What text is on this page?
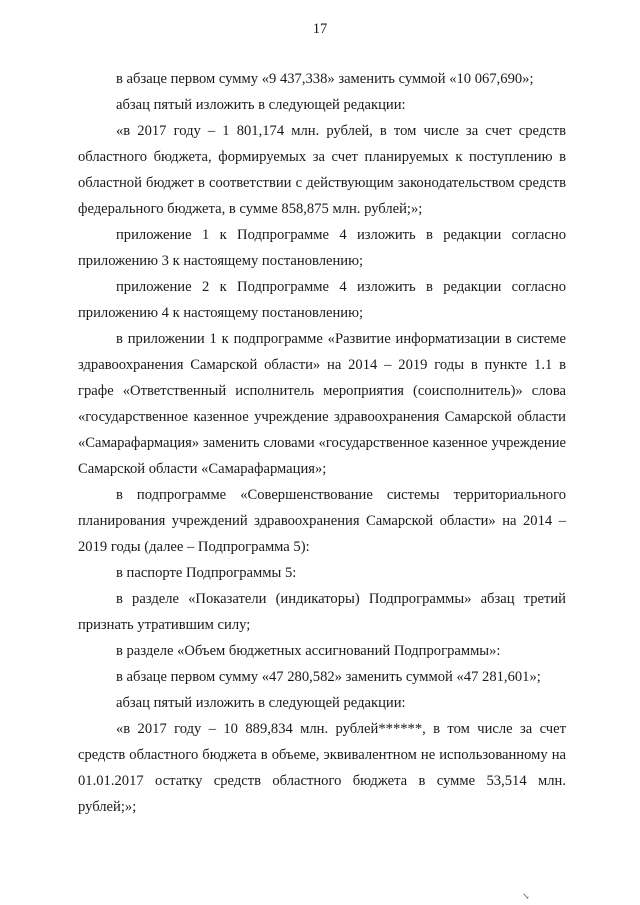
17

в абзаце первом сумму «9 437,338» заменить суммой «10 067,690»;

абзац пятый изложить в следующей редакции:

«в 2017 году – 1 801,174 млн. рублей, в том числе за счет средств областного бюджета, формируемых за счет планируемых к поступлению в областной бюджет в соответствии с действующим законодательством средств федерального бюджета, в сумме 858,875 млн. рублей;»;

приложение 1 к Подпрограмме 4 изложить в редакции согласно приложению 3 к настоящему постановлению;

приложение 2 к Подпрограмме 4 изложить в редакции согласно приложению 4 к настоящему постановлению;

в приложении 1 к подпрограмме «Развитие информатизации в системе здравоохранения Самарской области» на 2014 – 2019 годы в пункте 1.1 в графе «Ответственный исполнитель мероприятия (соисполнитель)» слова «государственное казенное учреждение здравоохранения Самарской области «Самарафармация» заменить словами «государственное казенное учреждение Самарской области «Самарафармация»;

в подпрограмме «Совершенствование системы территориального планирования учреждений здравоохранения Самарской области» на 2014 – 2019 годы (далее – Подпрограмма 5):

в паспорте Подпрограммы 5:

в разделе «Показатели (индикаторы) Подпрограммы» абзац третий признать утратившим силу;

в разделе «Объем бюджетных ассигнований Подпрограммы»:

в абзаце первом сумму «47 280,582» заменить суммой «47 281,601»;

абзац пятый изложить в следующей редакции:

«в 2017 году – 10 889,834 млн. рублей******, в том числе за счет средств областного бюджета в объеме, эквивалентном не использованному на 01.01.2017 остатку средств областного бюджета в сумме 53,514 млн. рублей;»;

↘
